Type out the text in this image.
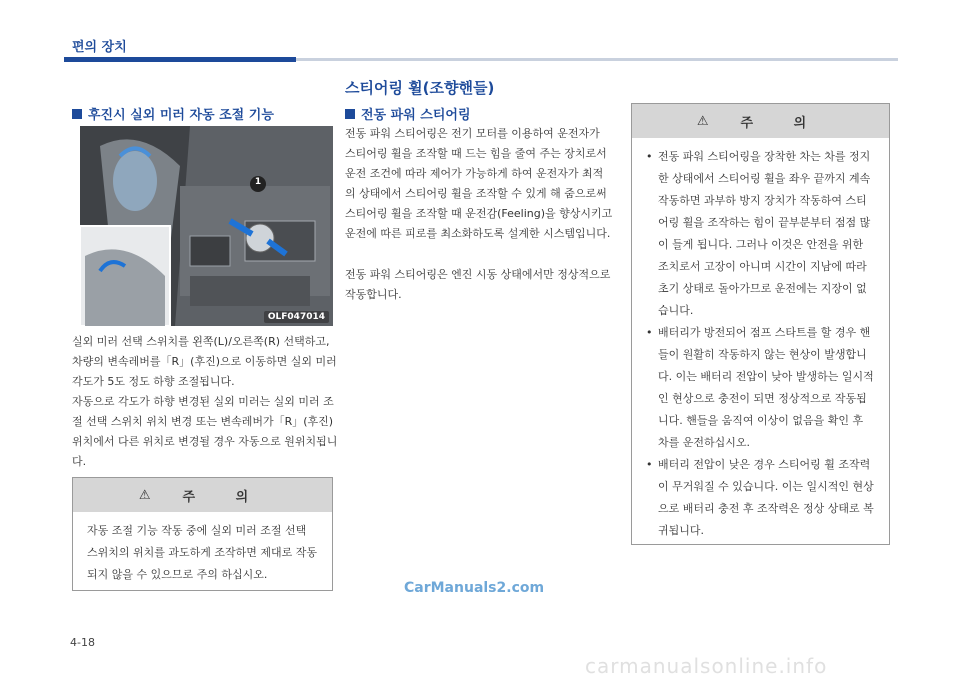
편의 장치
스티어링 휠(조향핸들)
후진시 실외 미러 자동 조절 기능
1
OLF047014
실외 미러 선택 스위치를 왼쪽(L)/오른쪽(R) 선택하고, 차량의 변속레버를「R」(후진)으로 이동하면 실외 미러 각도가 5도 정도 하향 조절됩니다.
자동으로 각도가 하향 변경된 실외 미러는 실외 미러 조절 선택 스위치 위치 변경 또는 변속레버가「R」(후진) 위치에서 다른 위치로 변경될 경우 자동으로 원위치됩니다.
⚠	주 의
자동 조절 기능 작동 중에 실외 미러 조절 선택 스위치의 위치를 과도하게 조작하면 제대로 작동되지 않을 수 있으므로 주의 하십시오.
전동 파워 스티어링
전동 파워 스티어링은 전기 모터를 이용하여 운전자가 스티어링 휠을 조작할 때 드는 힘을 줄여 주는 장치로서 운전 조건에 따라 제어가 가능하게 하여 운전자가 최적의 상태에서 스티어링 휠을 조작할 수 있게 해 줌으로써 스티어링 휠을 조작할 때 운전감(Feeling)을 향상시키고 운전에 따른 피로를 최소화하도록 설계한 시스템입니다.
전동 파워 스티어링은 엔진 시동 상태에서만 정상적으로 작동합니다.
⚠	주 의
• 전동 파워 스티어링을 장착한 차는 차를 정지한 상태에서 스티어링 휠을 좌우 끝까지 계속 작동하면 과부하 방지 장치가 작동하여 스티어링 휠을 조작하는 힘이 끝부분부터 점점 많이 들게 됩니다. 그러나 이것은 안전을 위한 조치로서 고장이 아니며 시간이 지남에 따라 초기 상태로 돌아가므로 운전에는 지장이 없습니다.
• 배터리가 방전되어 점프 스타트를 할 경우 핸들이 원활히 작동하지 않는 현상이 발생합니다. 이는 배터리 전압이 낮아 발생하는 일시적인 현상으로 충전이 되면 정상적으로 작동됩니다. 핸들을 움직여 이상이 없음을 확인 후 차를 운전하십시오.
• 배터리 전압이 낮은 경우 스티어링 휠 조작력이 무거워질 수 있습니다. 이는 일시적인 현상으로 배터리 충전 후 조작력은 정상 상태로 복귀됩니다.
CarManuals2.com
4-18
carmanualsonline.info
